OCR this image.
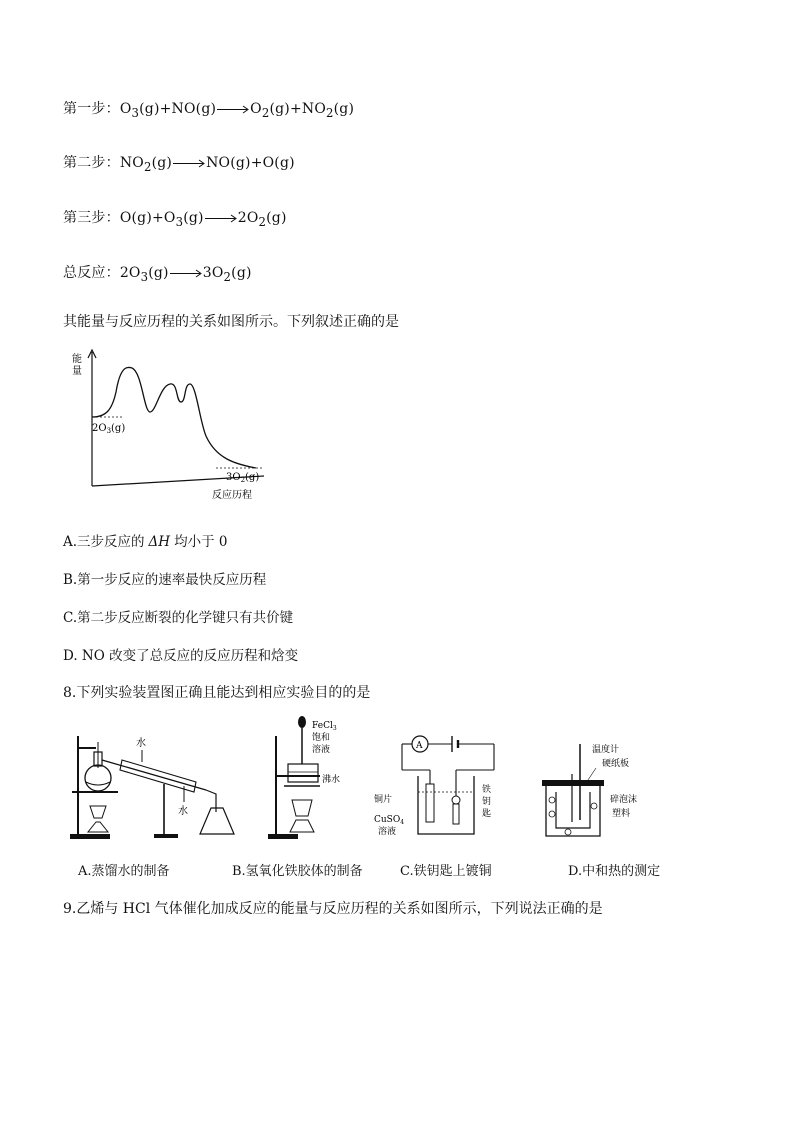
第一步：$O_3(g)+NO(g)\to O_2(g)+NO_2(g)$
第二步：$NO_2(g)\to NO(g)+O(g)$
第三步：$O(g)+O_3(g)\to 2O_2(g)$
总反应：$2O_3(g)\to 3O_2(g)$
其能量与反应历程的关系如图所示。下列叙述正确的是
能
量
$2O_3(g)$
$3O_2(g)$
反应历程
A.三步反应的 ΔH 均小于 0
B.第一步反应的速率最快反应历程
C.第二步反应断裂的化学键只有共价键
D. NO 改变了总反应的反应历程和焓变
8.下列实验装置图正确且能达到相应实验目的的是
水
水
FeCl$_3$
饱和
溶液
沸水
A
铜片
CuSO$_4$
溶液
铁
钥
匙
温度计
硬纸板
碎泡沫
塑料
A.蒸馏水的制备	B.氢氧化铁胶体的制备	C.铁钥匙上镀铜	D.中和热的测定
9.乙烯与 HCl 气体催化加成反应的能量与反应历程的关系如图所示，下列说法正确的是
